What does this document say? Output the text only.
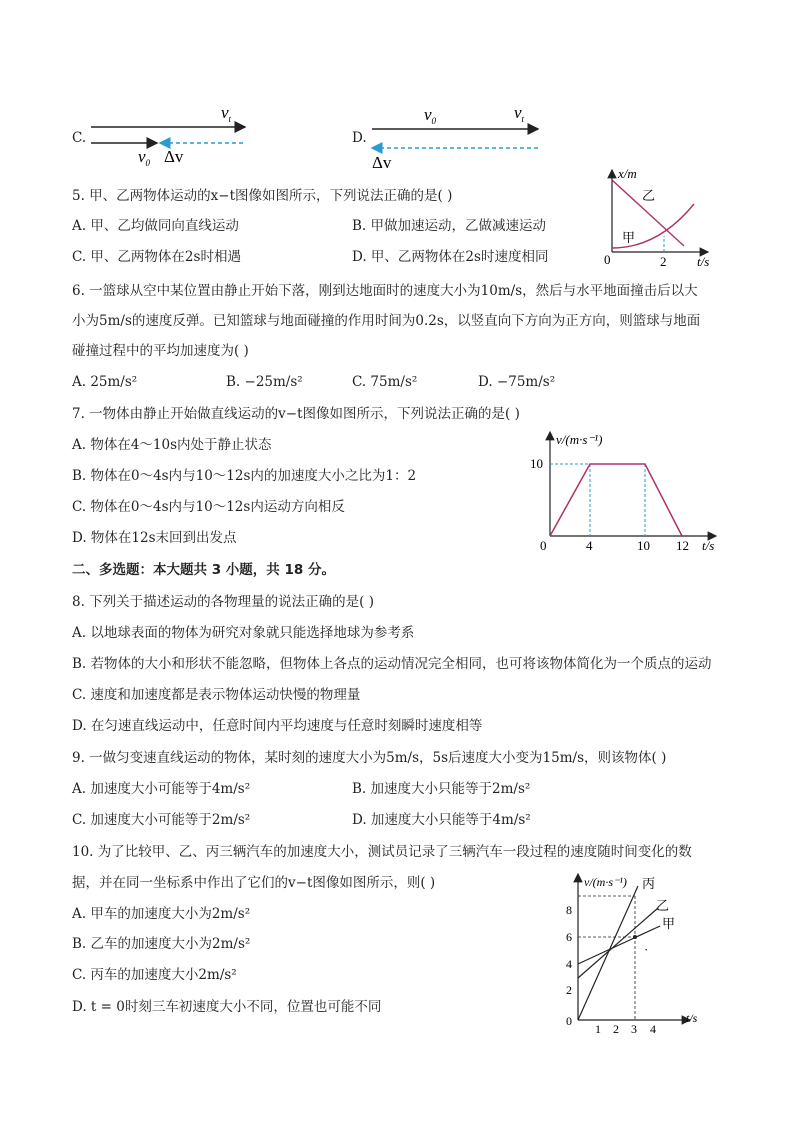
C.
$v_t$
$v_0$ Δv
$v_0$	$v_t$
Δv
D.
5. 甲、乙两物体运动的x−t图像如图所示，下列说法正确的是( )
A. 甲、乙均做同向直线运动	B. 甲做加速运动，乙做减速运动
C. 甲、乙两物体在2s时相遇	D. 甲、乙两物体在2s时速度相同
x/m
t/s
0	2
乙
甲
6. 一篮球从空中某位置由静止开始下落，刚到达地面时的速度大小为10m/s，然后与水平地面撞击后以大
小为5m/s的速度反弹。已知篮球与地面碰撞的作用时间为0.2s，以竖直向下方向为正方向，则篮球与地面
碰撞过程中的平均加速度为( )
A. 25m/s²	B. −25m/s²	C. 75m/s²	D. −75m/s²
7. 一物体由静止开始做直线运动的v−t图像如图所示，下列说法正确的是( )
A. 物体在4～10s内处于静止状态
B. 物体在0～4s内与10～12s内的加速度大小之比为1：2
C. 物体在0～4s内与10～12s内运动方向相反
D. 物体在12s末回到出发点
v/(m·s⁻¹)
10
0	4	10 12 t/s
二、多选题：本大题共 3 小题，共 18 分。
8. 下列关于描述运动的各物理量的说法正确的是( )
A. 以地球表面的物体为研究对象就只能选择地球为参考系
B. 若物体的大小和形状不能忽略，但物体上各点的运动情况完全相同，也可将该物体简化为一个质点的运动
C. 速度和加速度都是表示物体运动快慢的物理量
D. 在匀速直线运动中，任意时间内平均速度与任意时刻瞬时速度相等
9. 一做匀变速直线运动的物体，某时刻的速度大小为5m/s，5s后速度大小变为15m/s，则该物体( )
A. 加速度大小可能等于4m/s²	B. 加速度大小只能等于2m/s²
C. 加速度大小可能等于2m/s²	D. 加速度大小只能等于4m/s²
10. 为了比较甲、乙、丙三辆汽车的加速度大小，测试员记录了三辆汽车一段过程的速度随时间变化的数
据，并在同一坐标系中作出了它们的v−t图像如图所示，则( )
A. 甲车的加速度大小为2m/s²
B. 乙车的加速度大小为2m/s²
C. 丙车的加速度大小2m/s²
D. t = 0时刻三车初速度大小不同，位置也可能不同
v/(m·s⁻¹)
0
2
4
6
8
1 2 3 4
t/s
丙
乙
甲
·
